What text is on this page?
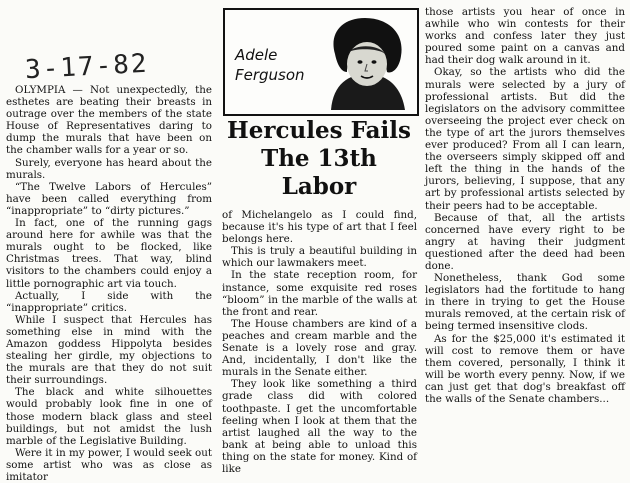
3-17-82	Adele
Ferguson
Hercules Fails
The 13th Labor

OLYMPIA — Not unexpectedly, the esthetes are beating their breasts in outrage over the members of the state House of Representatives daring to dump the murals that have been on the chamber walls for a year or so.

Surely, everyone has heard about the murals.

“The Twelve Labors of Hercules” have been called everything from “inappropriate” to “dirty pictures.”

In fact, one of the running gags around here for awhile was that the murals ought to be flocked, like Christmas trees. That way, blind visitors to the chambers could enjoy a little pornographic art via touch.

Actually, I side with the “inappropriate” critics.

While I suspect that Hercules has something else in mind with the Amazon goddess Hippolyta besides stealing her girdle, my objections to the murals are that they do not suit their surroundings.

The black and white silhouettes would probably look fine in one of those modern black glass and steel buildings, but not amidst the lush marble of the Legislative Building.

Were it in my power, I would seek out some artist who was as close as imitator

of Michelangelo as I could find, because it's his type of art that I feel belongs here.

This is truly a beautiful building in which our lawmakers meet.

In the state reception room, for instance, some exquisite red roses “bloom” in the marble of the walls at the front and rear.

The House chambers are kind of a peaches and cream marble and the Senate is a lovely rose and gray. And, incidentally, I don't like the murals in the Senate either.

They look like something a third grade class did with colored toothpaste. I get the uncomfortable feeling when I look at them that the artist laughed all the way to the bank at being able to unload this thing on the state for money. Kind of like

those artists you hear of once in awhile who win contests for their works and confess later they just poured some paint on a canvas and had their dog walk around in it.

Okay, so the artists who did the murals were selected by a jury of professional artists. But did the legislators on the advisory committee overseeing the project ever check on the type of art the jurors themselves ever produced? From all I can learn, the overseers simply skipped off and left the thing in the hands of the jurors, believing, I suppose, that any art by professional artists selected by their peers had to be acceptable.

Because of that, all the artists concerned have every right to be angry at having their judgment questioned after the deed had been done.

Nonetheless, thank God some legislators had the fortitude to hang in there in trying to get the House murals removed, at the certain risk of being termed insensitive clods.

As for the $25,000 it's estimated it will cost to remove them or have them covered, personally, I think it will be worth every penny. Now, if we can just get that dog's breakfast off the walls of the Senate chambers...
